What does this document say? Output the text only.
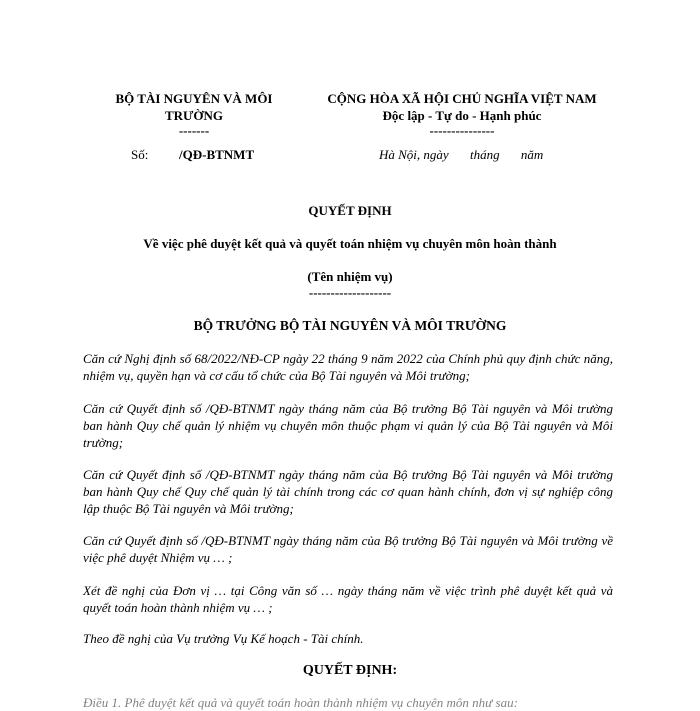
BỘ TÀI NGUYÊN VÀ MÔI
TRƯỜNG
-------
CỘNG HÒA XÃ HỘI CHỦ NGHĨA VIỆT NAM
Độc lập - Tự do - Hạnh phúc
---------------
Số: /QĐ-BTNMT	Hà Nội, ngày tháng năm
QUYẾT ĐỊNH
Về việc phê duyệt kết quả và quyết toán nhiệm vụ chuyên môn hoàn thành
(Tên nhiệm vụ)
-------------------
BỘ TRƯỞNG BỘ TÀI NGUYÊN VÀ MÔI TRƯỜNG
Căn cứ Nghị định số 68/2022/NĐ-CP ngày 22 tháng 9 năm 2022 của Chính phủ quy định chức năng, nhiệm vụ, quyền hạn và cơ cấu tổ chức của Bộ Tài nguyên và Môi trường;
Căn cứ Quyết định số /QĐ-BTNMT ngày tháng năm của Bộ trưởng Bộ Tài nguyên và Môi trường ban hành Quy chế quản lý nhiệm vụ chuyên môn thuộc phạm vi quản lý của Bộ Tài nguyên và Môi trường;
Căn cứ Quyết định số /QĐ-BTNMT ngày tháng năm của Bộ trưởng Bộ Tài nguyên và Môi trường ban hành Quy chế Quy chế quản lý tài chính trong các cơ quan hành chính, đơn vị sự nghiệp công lập thuộc Bộ Tài nguyên và Môi trường;
Căn cứ Quyết định số /QĐ-BTNMT ngày tháng năm của Bộ trưởng Bộ Tài nguyên và Môi trường về việc phê duyệt Nhiệm vụ … ;
Xét đề nghị của Đơn vị … tại Công văn số … ngày tháng năm về việc trình phê duyệt kết quả và quyết toán hoàn thành nhiệm vụ … ;
Theo đề nghị của Vụ trưởng Vụ Kế hoạch - Tài chính.
QUYẾT ĐỊNH:
Điều 1. Phê duyệt kết quả và quyết toán hoàn thành nhiệm vụ chuyên môn như sau:
